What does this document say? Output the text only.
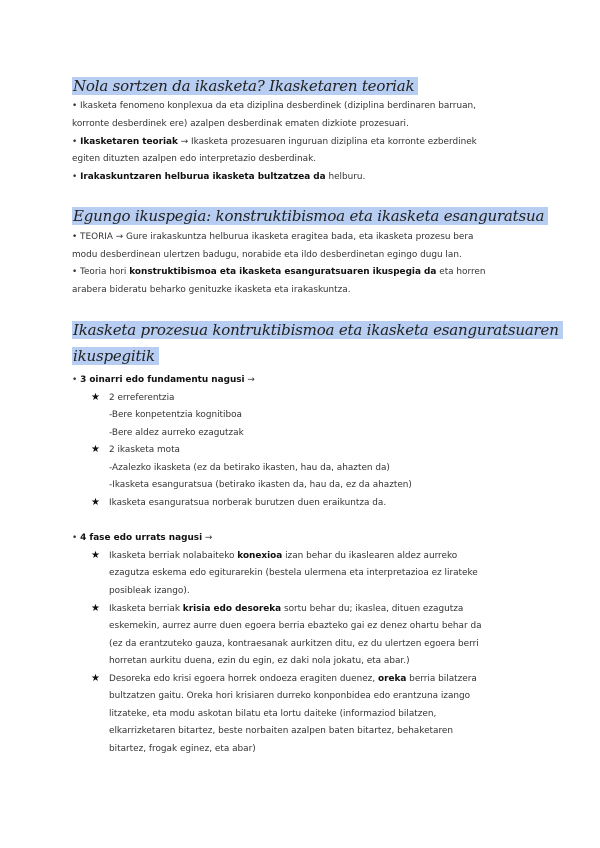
Nola sortzen da ikasketa? Ikasketaren teoriak
• Ikasketa fenomeno konplexua da eta diziplina desberdinek (diziplina berdinaren barruan,
korronte desberdinek ere) azalpen desberdinak ematen dizkiote prozesuari.
• Ikasketaren teoriak → Ikasketa prozesuaren inguruan diziplina eta korronte ezberdinek
egiten dituzten azalpen edo interpretazio desberdinak.
• Irakaskuntzaren helburua ikasketa bultzatzea da helburu.
Egungo ikuspegia: konstruktibismoa eta ikasketa esanguratsua
• TEORIA → Gure irakaskuntza helburua ikasketa eragitea bada, eta ikasketa prozesu bera
modu desberdinean ulertzen badugu, norabide eta ildo desberdinetan egingo dugu lan.
• Teoria hori konstruktibismoa eta ikasketa esanguratsuaren ikuspegia da eta horren
arabera bideratu beharko genituzke ikasketa eta irakaskuntza.
Ikasketa prozesua kontruktibismoa eta ikasketa esanguratsuaren
ikuspegitik
• 3 oinarri edo fundamentu nagusi →
★ 2 erreferentzia
-Bere konpetentzia kognitiboa
-Bere aldez aurreko ezagutzak
★ 2 ikasketa mota
-Azalezko ikasketa (ez da betirako ikasten, hau da, ahazten da)
-Ikasketa esanguratsua (betirako ikasten da, hau da, ez da ahazten)
★ Ikasketa esanguratsua norberak burutzen duen eraikuntza da.
• 4 fase edo urrats nagusi →
★ Ikasketa berriak nolabaiteko konexioa izan behar du ikaslearen aldez aurreko
ezagutza eskema edo egiturarekin (bestela ulermena eta interpretazioa ez lirateke
posibleak izango).
★ Ikasketa berriak krisia edo desoreka sortu behar du; ikaslea, dituen ezagutza
eskemekin, aurrez aurre duen egoera berria ebazteko gai ez denez ohartu behar da
(ez da erantzuteko gauza, kontraesanak aurkitzen ditu, ez du ulertzen egoera berri
horretan aurkitu duena, ezin du egin, ez daki nola jokatu, eta abar.)
★ Desoreka edo krisi egoera horrek ondoeza eragiten duenez, oreka berria bilatzera
bultzatzen gaitu. Oreka hori krisiaren durreko konponbidea edo erantzuna izango
litzateke, eta modu askotan bilatu eta lortu daiteke (informaziod bilatzen,
elkarrizketaren bitartez, beste norbaiten azalpen baten bitartez, behaketaren
bitartez, frogak eginez, eta abar)
